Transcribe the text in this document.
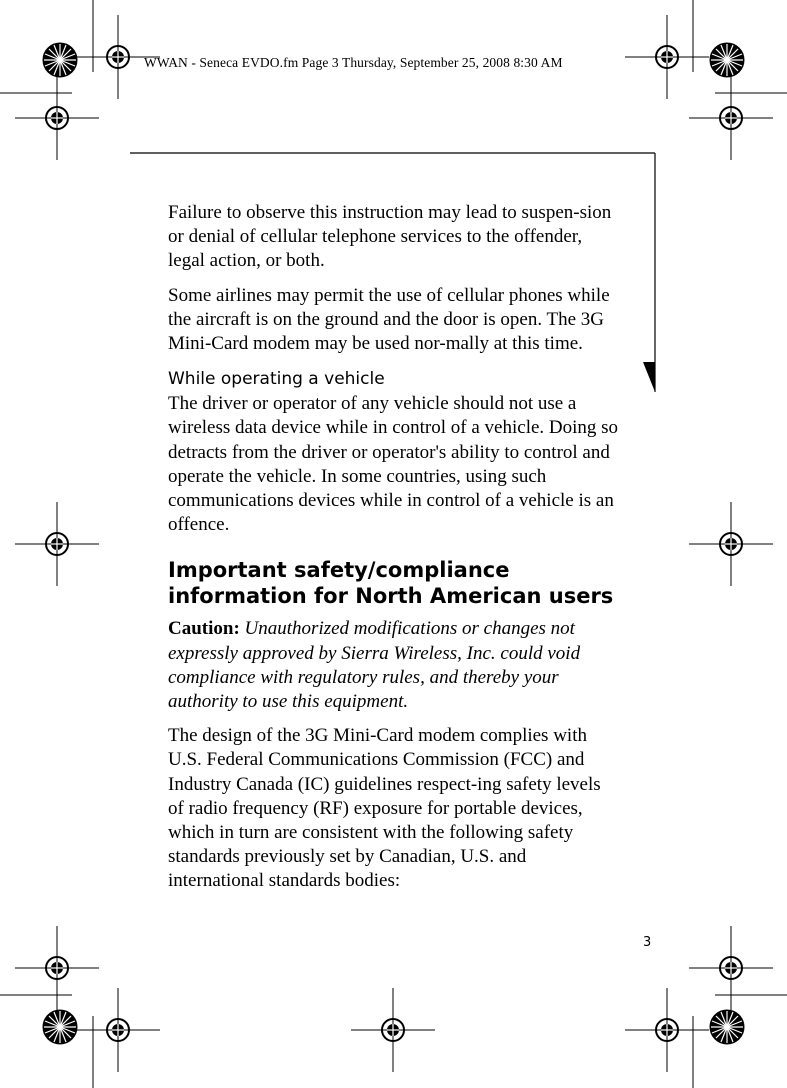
WWAN - Seneca EVDO.fm Page 3 Thursday, September 25, 2008 8:30 AM

Failure to observe this instruction may lead to suspen-sion or denial of cellular telephone services to the offender, legal action, or both.

Some airlines may permit the use of cellular phones while the aircraft is on the ground and the door is open. The 3G Mini-Card modem may be used nor-mally at this time.

While operating a vehicle

The driver or operator of any vehicle should not use a wireless data device while in control of a vehicle. Doing so detracts from the driver or operator's ability to control and operate the vehicle. In some countries, using such communications devices while in control of a vehicle is an offence.

Important safety/compliance information for North American users

Caution: Unauthorized modifications or changes not expressly approved by Sierra Wireless, Inc. could void compliance with regulatory rules, and thereby your authority to use this equipment.

The design of the 3G Mini-Card modem complies with U.S. Federal Communications Commission (FCC) and Industry Canada (IC) guidelines respect-ing safety levels of radio frequency (RF) exposure for portable devices, which in turn are consistent with the following safety standards previously set by Canadian, U.S. and international standards bodies:

3
